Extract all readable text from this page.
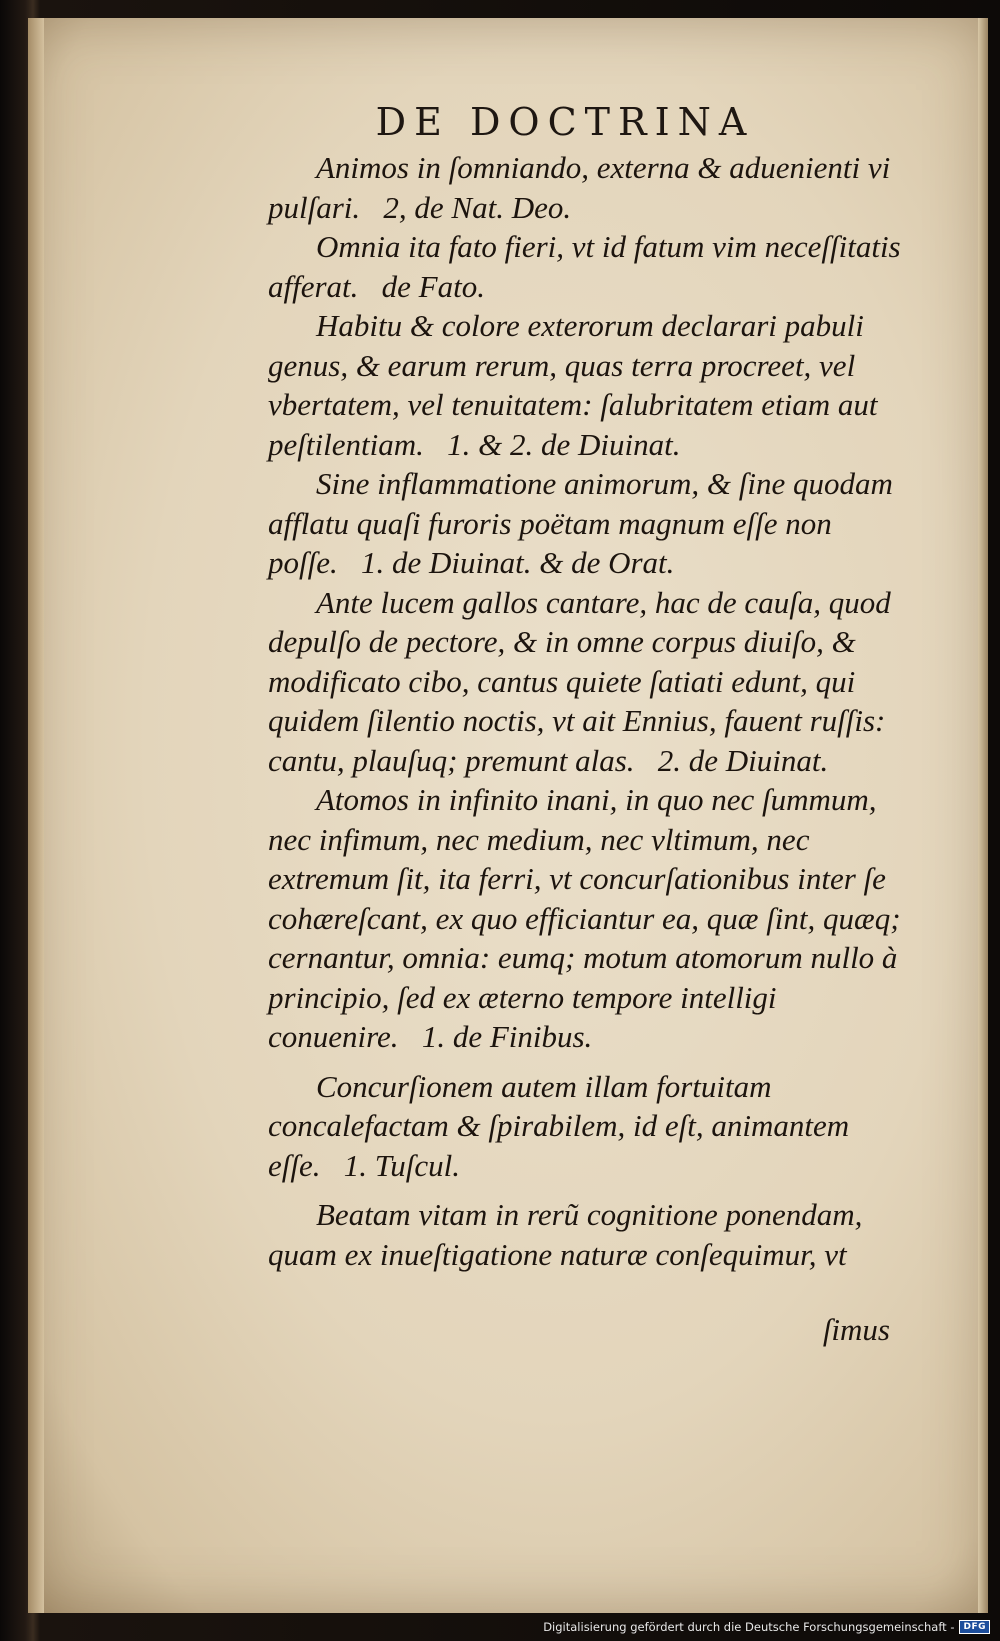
DE DOCTRINA

Animos in ſomniando, externa & aduenienti vi pulſari. 2, de Nat. Deo.

Omnia ita fato fieri, vt id fatum vim neceſſitatis afferat. de Fato.

Habitu & colore exterorum declarari pabuli genus, & earum rerum, quas terra procreet, vel vbertatem, vel tenuitatem: ſalubritatem etiam aut peſtilentiam. 1. & 2. de Diuinat.

Sine inflammatione animorum, & ſine quodam afflatu quaſi furoris poëtam magnum eſſe non poſſe. 1. de Diuinat. & de Orat.

Ante lucem gallos cantare, hac de cauſa, quod depulſo de pectore, & in omne corpus diuiſo, & modificato cibo, cantus quiete ſatiati edunt, qui quidem ſilentio noctis, vt ait Ennius, fauent ruſſis: cantu, plauſuq; premunt alas. 2. de Diuinat.

Atomos in infinito inani, in quo nec ſummum, nec infimum, nec medium, nec vltimum, nec extremum ſit, ita ferri, vt concurſationibus inter ſe cohæreſcant, ex quo efficiantur ea, quæ ſint, quæq; cernantur, omnia: eumq; motum atomorum nullo à principio, ſed ex æterno tempore intelligi conuenire. 1. de Finibus.

Concurſionem autem illam fortuitam concalefactam & ſpirabilem, id eſt, animantem eſſe. 1. Tuſcul.

Beatam vitam in rerũ cognitione ponendam, quam ex inueſtigatione naturæ conſequimur, vt

ſimus
Digitalisierung gefördert durch die Deutsche Forschungsgemeinschaft -	DFG
